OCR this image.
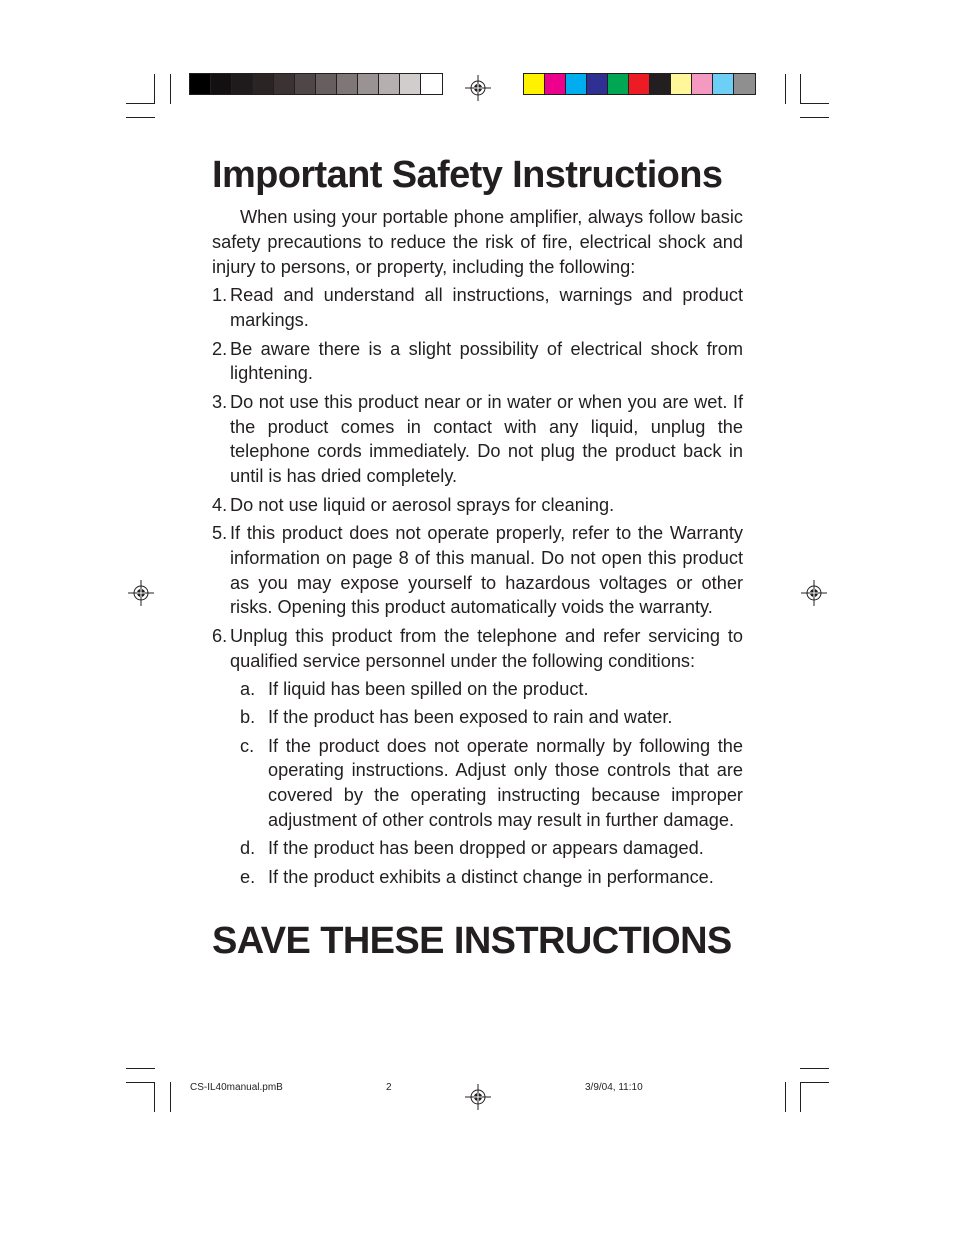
Important Safety Instructions

When using your portable phone amplifier, always follow basic safety precautions to reduce the risk of fire, electrical shock and injury to persons, or property, including the following:

1. Read and understand all instructions, warnings and product markings.
2. Be aware there is a slight possibility of electrical shock from lightening.
3. Do not use this product near or in water or when you are wet. If the product comes in contact with any liquid, unplug the telephone cords immediately. Do not plug the product back in until is has dried completely.
4. Do not use liquid or aerosol sprays for cleaning.
5. If this product does not operate properly, refer to the Warranty information on page 8 of this manual. Do not open this product as you may expose yourself to hazardous voltages or other risks. Opening this product automatically voids the warranty.
6. Unplug this product from the telephone and refer servicing to qualified service personnel under the following conditions:
a. If liquid has been spilled on the product.
b. If the product has been exposed to rain and water.
c. If the product does not operate normally by following the operating instructions. Adjust only those controls that are covered by the operating instructing because improper adjustment of other controls may result in further damage.
d. If the product has been dropped or appears damaged.
e. If the product exhibits a distinct change in performance.
SAVE THESE INSTRUCTIONS
CS-IL40manual.pmB	2	3/9/04, 11:10
